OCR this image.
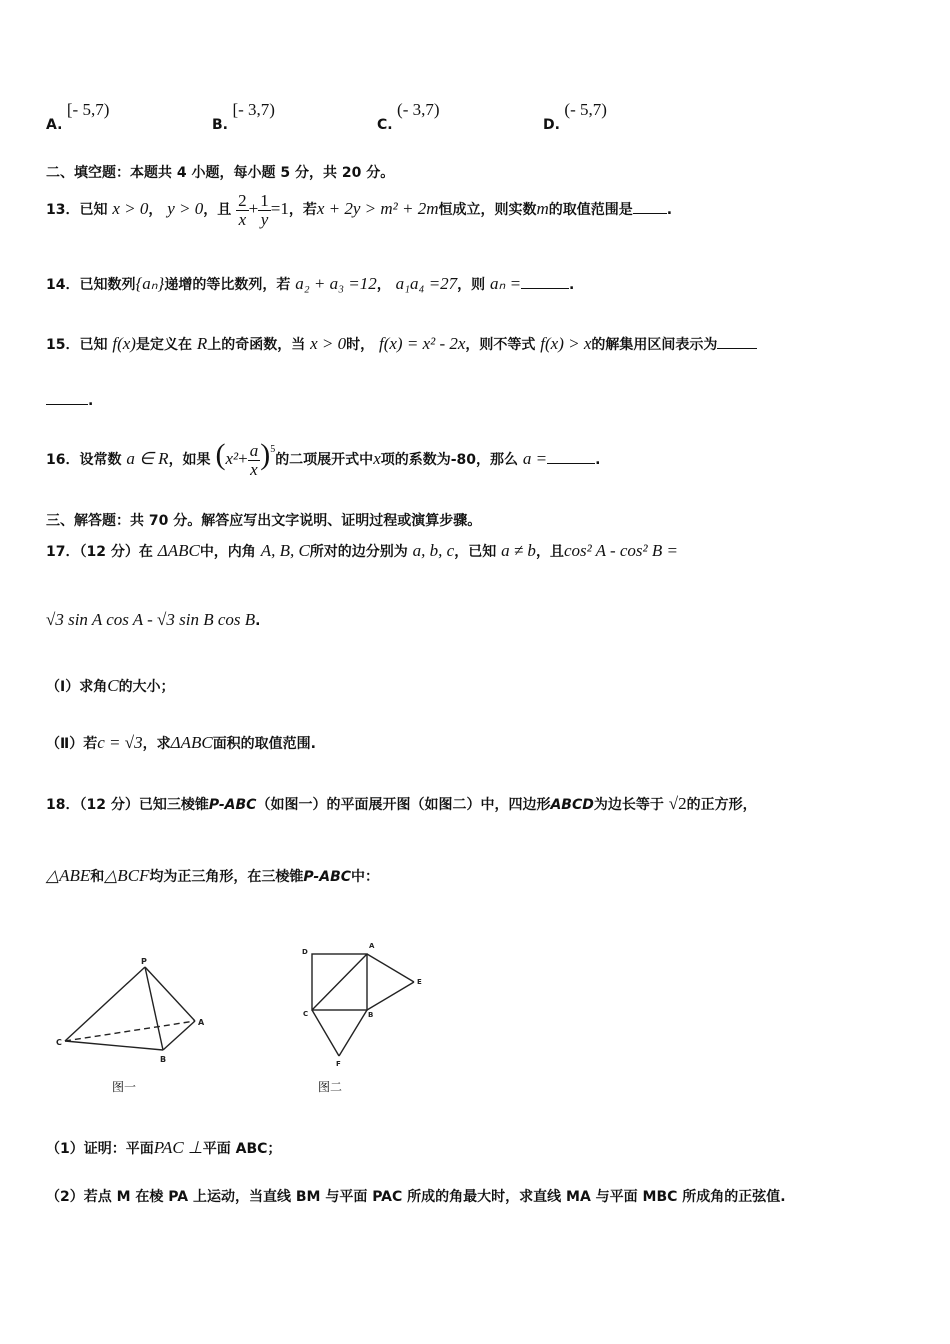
A. [- 5,7)
B. [- 3,7)
C. (- 3,7)
D. (- 5,7)
二、填空题：本题共 4 小题，每小题 5 分，共 20 分。
13．已知 x > 0， y > 0，且 $\frac{2}{x} + \frac{1}{y} =1$，若x + 2y > m² + 2m恒成立，则实数m的取值范围是 .
14．已知数列{aₙ}递增的等比数列，若 a₂ + a₃ =12， a₁a₄ =27，则 aₙ =	.
15．已知 f(x)是定义在 R上的奇函数，当 x > 0时， f(x) = x² - 2x，则不等式 f(x) > x的解集用区间表示为
.
16．设常数 a ∈ R，如果 $(x^2+ \frac{a}{x} )^5$的二项展开式中x项的系数为-80，那么 a =	.
三、解答题：共 70 分。解答应写出文字说明、证明过程或演算步骤。
17．（12 分）在 ΔABC中，内角 A, B, C所对的边分别为 a, b, c，已知 a ≠ b，且cos² A - cos² B =
√3 sin A cos A - √3 sin B cos B.
（Ⅰ）求角C的大小；
（Ⅱ）若c = √3，求ΔABC面积的取值范围.
18．（12 分）已知三棱锥P-ABC（如图一）的平面展开图（如图二）中，四边形ABCD为边长等于 √2的正方形，
△ABE和△BCF均为正三角形，在三棱锥P-ABC中：
P
A
B
C
图一
D
A
E
C	B
F
图二
（1）证明：平面PAC ⊥平面 ABC；
（2）若点 M 在棱 PA 上运动，当直线 BM 与平面 PAC 所成的角最大时，求直线 MA 与平面 MBC 所成角的正弦值.
